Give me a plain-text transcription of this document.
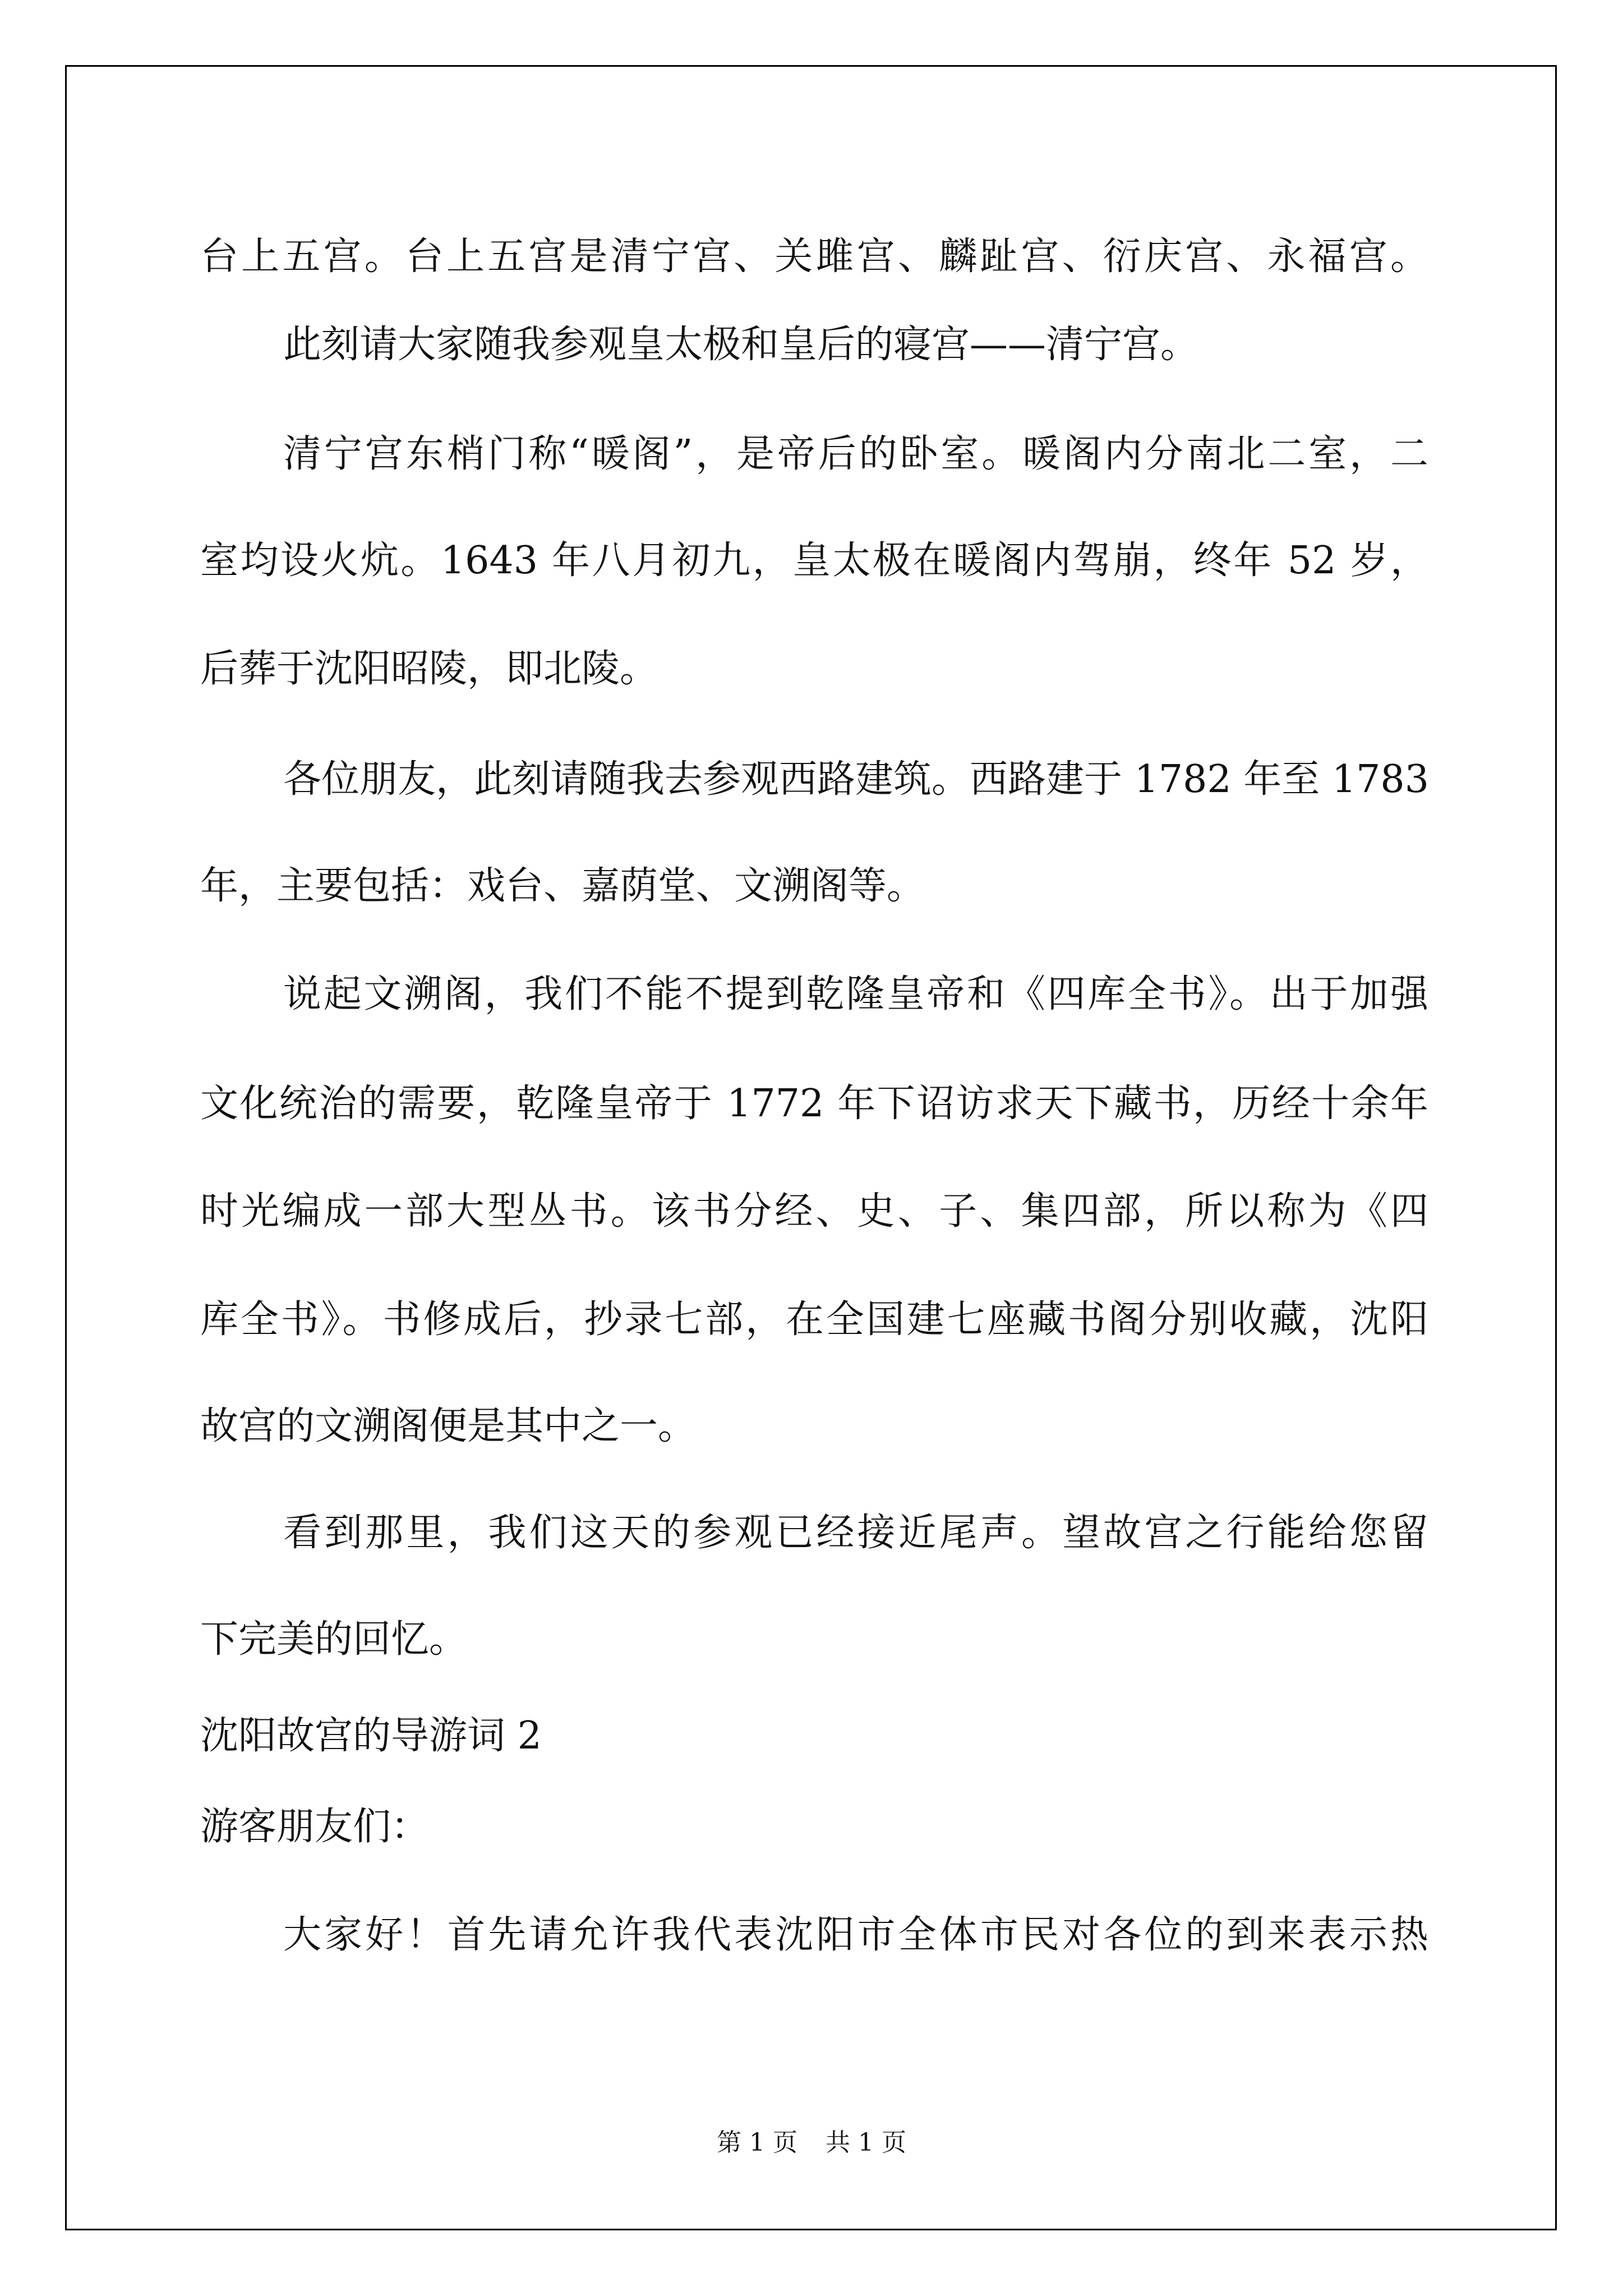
台上五宫。台上五宫是清宁宫、关雎宫、麟趾宫、衍庆宫、永福宫。
此刻请大家随我参观皇太极和皇后的寝宫——清宁宫。
清宁宫东梢门称“暖阁”，是帝后的卧室。暖阁内分南北二室，二
室均设火炕。1643 年八月初九，皇太极在暖阁内驾崩，终年 52 岁，
后葬于沈阳昭陵，即北陵。
各位朋友，此刻请随我去参观西路建筑。西路建于 1782 年至 1783
年，主要包括：戏台、嘉荫堂、文溯阁等。
说起文溯阁，我们不能不提到乾隆皇帝和《四库全书》。出于加强
文化统治的需要，乾隆皇帝于 1772 年下诏访求天下藏书，历经十余年
时光编成一部大型丛书。该书分经、史、子、集四部，所以称为《四
库全书》。书修成后，抄录七部，在全国建七座藏书阁分别收藏，沈阳
故宫的文溯阁便是其中之一。
看到那里，我们这天的参观已经接近尾声。望故宫之行能给您留
下完美的回忆。
沈阳故宫的导游词 2
游客朋友们：
大家好！首先请允许我代表沈阳市全体市民对各位的到来表示热
第 1 页 共 1 页
